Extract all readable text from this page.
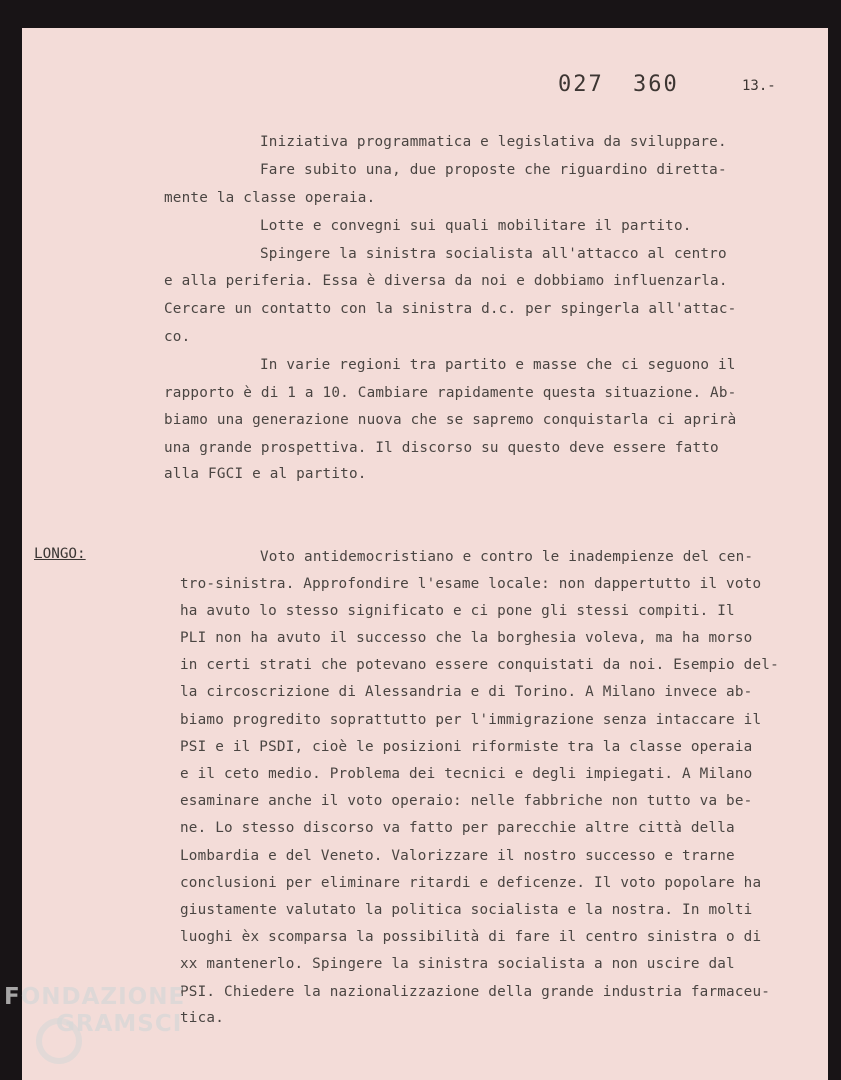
027 360	13.-
Iniziativa programmatica e legislativa da sviluppare.
Fare subito una, due proposte che riguardino diretta-
mente la classe operaia.
Lotte e convegni sui quali mobilitare il partito.
Spingere la sinistra socialista all'attacco al centro
e alla periferia. Essa è diversa da noi e dobbiamo influenzarla.
Cercare un contatto con la sinistra d.c. per spingerla all'attac-
co.
In varie regioni tra partito e masse che ci seguono il
rapporto è di 1 a 10. Cambiare rapidamente questa situazione. Ab-
biamo una generazione nuova che se sapremo conquistarla ci aprirà
una grande prospettiva. Il discorso su questo deve essere fatto
alla FGCI e al partito.
LONGO:	Voto antidemocristiano e contro le inadempienze del cen-
tro-sinistra. Approfondire l'esame locale: non dappertutto il voto
ha avuto lo stesso significato e ci pone gli stessi compiti. Il
PLI non ha avuto il successo che la borghesia voleva, ma ha morso
in certi strati che potevano essere conquistati da noi. Esempio del-
la circoscrizione di Alessandria e di Torino. A Milano invece ab-
biamo progredito soprattutto per l'immigrazione senza intaccare il
PSI e il PSDI, cioè le posizioni riformiste tra la classe operaia
e il ceto medio. Problema dei tecnici e degli impiegati. A Milano
esaminare anche il voto operaio: nelle fabbriche non tutto va be-
ne. Lo stesso discorso va fatto per parecchie altre città della
Lombardia e del Veneto. Valorizzare il nostro successo e trarne
conclusioni per eliminare ritardi e deficenze. Il voto popolare ha
giustamente valutato la politica socialista e la nostra. In molti
luoghi èx scomparsa la possibilità di fare il centro sinistra o di
xx mantenerlo. Spingere la sinistra socialista a non uscire dal
PSI. Chiedere la nazionalizzazione della grande industria farmaceu-
tica.
FONDAZIONE
GRAMSCI
